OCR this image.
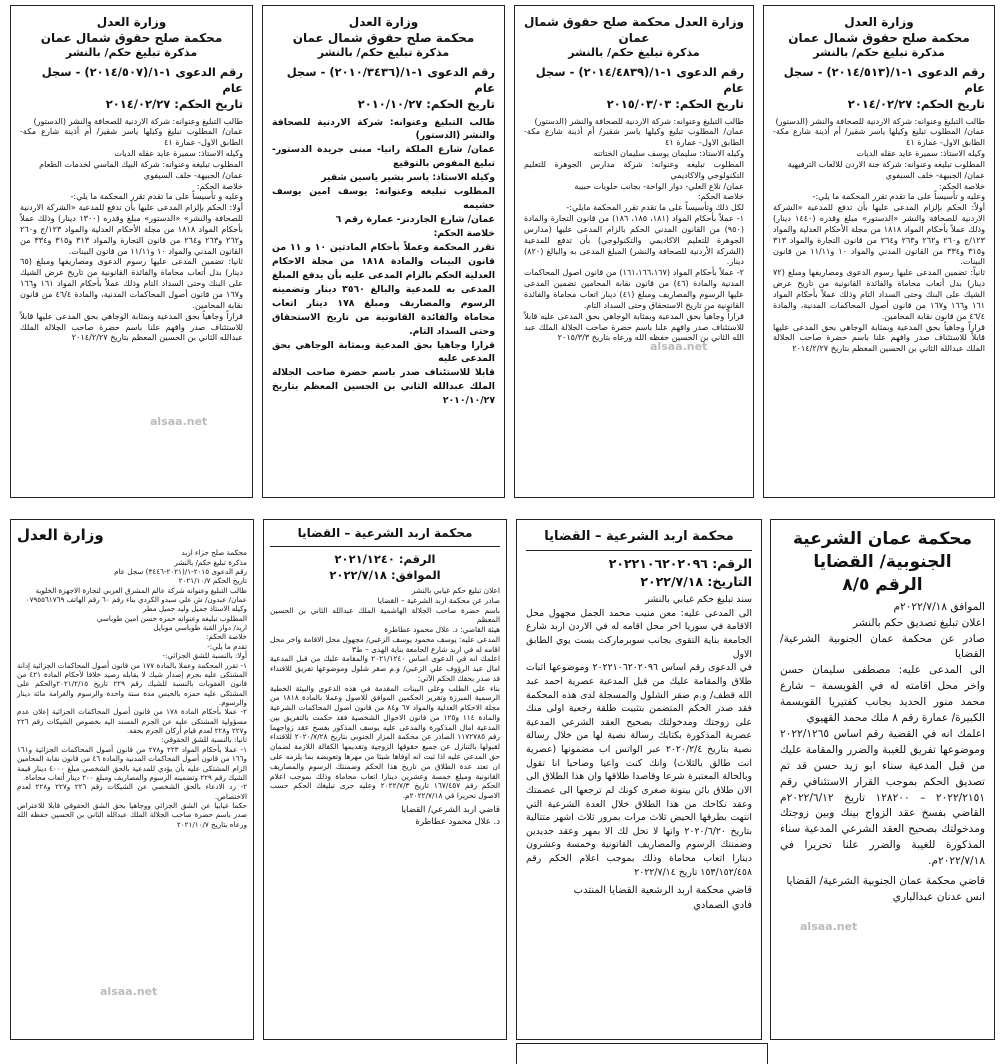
وزارة العدل
محكمة صلح حقوق شمال عمان
مذكرة تبليغ حكم/ بالنشر
رقم الدعوى ١-١/(٢٠١٤/٥١٣) - سجل عام
تاريخ الحكم: ٢٠١٤/٠٢/٢٧
طالب التبليغ وعنوانه: شركة الاردنية للصحافة والنشر (الدستور)
عمان/ المطلوب تبليغ وكيلها ياسر شقير/ أم أذينة شارع مكة- الطابق الاول- عمارة ٤١
وكيله الاستاذ: سميرة عايد عقله الديات
المطلوب تبليغه وعنوانه: شركة جنة الاردن للالعاب الترفيهية
عمان/ الجبيهة- خلف السيفوي
خلاصة الحكم:
وعليه و تأسيساً على ما تقدم تقرر المحكمة ما يلي:-
أولاً: الحكم بإلزام المدعى عليها بأن تدفع للمدعية «الشركة الاردنية للصحافة والنشر «الدستور» مبلغ وقدره (١٤٤٠ دينار) وذلك عملاً بأحكام المواد ١٨١٨ من مجلة الأحكام العدلية والمواد ١٢٣/ج و٢٦٠ و٢٦٢ و٢٦٣ و٢٦٤ من قانون التجارة والمواد ٣١٣ و٣١٥ و٣٣٤ من القانون المدني والمواد ١٠ و١١/١١ من قانون البينات.
ثانياً: تضمين المدعى عليها رسوم الدعوى ومصاريفها ومبلغ (٧٢ دينار) بدل أتعاب محاماة والفائدة القانونية من تاريخ عرض الشيك على البنك وحتى السداد التام وذلك عملاً بأحكام المواد ١٦١ و١٦٦ و١٦٧ من قانون أصول المحاكمات المدنية، والمادة ٤٦/٤ من قانون نقابة المحامين.
قراراً وجاهياً بحق المدعية وبمثابة الوجاهي بحق المدعى عليها قابلاً للاستئناف صدر وافهم علنا باسم حضرة صاحب الجلالة الملك عبدالله الثاني بن الحسين المعظم بتاريخ ٢٠١٤/٢/٢٧
وزارة العدل محكمة صلح حقوق شمال عمان
مذكرة تبليغ حكم/ بالنشر
رقم الدعوى ١-١/(٢٠١٤/٤٨٣٩) - سجل عام
تاريخ الحكم: ٢٠١٥/٠٣/٠٣
طالب التبليغ وعنوانه: شركة الاردنية للصحافة والنشر (الدستور)
عمان/ المطلوب تبليغ وكيلها ياسر شقير/ أم أذينة شارع مكة- الطابق الاول- عمارة ٤١
وكيله الاستاذ: سليمان يوسف سليمان الختاتنه
المطلوب تبليغه وعنوانه: شركة مدارس الجوهرة للتعليم التكنولوجي والاكاديمي
عمان/ تلاع العلي- دوار الواحة- بجانب حلويات حبيبة
خلاصة الحكم:
لكل ذلك وتأسيساً على ما تقدم تقرر المحكمة مايلي:-
١- عملاً بأحكام المواد (١٨١، ١٨٥، ١٨٦) من قانون التجارة والمادة (٩٥٠) من القانون المدني الحكم بالزام المدعى عليها (مدارس الجوهرة للتعليم الاكاديمي والتكنولوجي) بأن تدفع للمدعية (الشركة الأردنية للصحافة والنشر) المبلغ المدعى به والبالغ (٨٢٠) دينار.
٢- عملاً بأحكام المواد (١٦١،١٦٦،١٦٧) من قانون اصول المحاكمات المدنية والمادة (٤٦) من قانون نقابة المحامين تضمين المدعى عليها الرسوم والمصاريف ومبلغ (٤١) دينار اتعاب محاماة والفائدة القانونية من تاريخ الاستحقاق وحتى السداد التام.
قراراً وجاهياً بحق المدعية وبمثابة الوجاهي بحق المدعى عليه قابلاً للاستئناف صدر وافهم علنا باسم حضرة صاحب الجلالة الملك عبد الله الثاني بن الحسين حفظه الله ورعاه بتاريخ ٢٠١٥/٣/٣
وزارة العدل
محكمة صلح حقوق شمال عمان
مذكرة تبليغ حكم/ بالنشر
رقم الدعوى ١-١/(٢٠١٠/٣٤٣٦) - سجل عام
تاريخ الحكم: ٢٠١٠/١٠/٢٧
طالب التبليغ وعنوانه: شركة الاردنية للصحافة والنشر (الدستور)
عمان/ شارع الملكة رانيا- مبنى جريدة الدستور- تبليغ المفوض بالتوقيع
وكيله الاستاذ: ياسر بشير ياسين شقير
المطلوب تبليغه وعنوانه: يوسف امين يوسف حشيمه
عمان/ شارع الجاردنز- عمارة رقم ٦
خلاصة الحكم:
تقرر المحكمة وعملاً بأحكام المادتين ١٠ و ١١ من قانون البينات والمادة ١٨١٨ من مجلة الاحكام العدلية الحكم بالزام المدعى عليه بأن يدفع المبلغ المدعى به للمدعية والبالغ ٣٥٦٠ دينار وتضمينه الرسوم والمصاريف ومبلغ ١٧٨ دينار اتعاب محاماة والفائدة القانونية من تاريخ الاستحقاق وحتى السداد التام.
قرارا وجاهيا بحق المدعية وبمثابة الوجاهي بحق المدعى عليه
قابلا للاستئناف صدر باسم حضرة صاحب الجلالة الملك عبدالله الثاني بن الحسين المعظم بتاريخ ٢٠١٠/١٠/٢٧
وزارة العدل
محكمة صلح حقوق شمال عمان
مذكرة تبليغ حكم/ بالنشر
رقم الدعوى ١-١/(٢٠١٤/٥٠٧) - سجل عام
تاريخ الحكم: ٢٠١٤/٠٢/٢٧
طالب التبليغ وعنوانه: شركة الاردنية للصحافة والنشر (الدستور)
عمان/ المطلوب تبليغ وكيلها ياسر شقير/ أم أذينة شارع مكة- الطابق الاول- عمارة ٤١
وكيله الاستاذ: سميرة عايد عقله الديات
المطلوب تبليغه وعنوانه: شركة البيك الماسي لخدمات الطعام
عمان/ الجبيهة- خلف السيفوي
خلاصة الحكم:
وعليه و تأسيساً على ما تقدم تقرر المحكمة ما يلي:-
أولا: الحكم بإلزام المدعى عليها بأن تدفع للمدعية «الشركة الاردنية للصحافة والنشر» «الدستور» مبلغ وقدره (١٣٠٠ دينار) وذلك عملاً بأحكام المواد ١٨١٨ من مجلة الأحكام العدلية والمواد ١٢٣/ج و٢٦٠ و٢٦٢ و٢٦٣ و٢٦٤ من قانون التجارة والمواد ٣١٣ و٣١٥ و٣٣٤ من القانون المدني والمواد ١٠ و١١/١١ من قانون البينات.
ثانيا: تضمين المدعى عليها رسوم الدعوى ومصاريفها ومبلغ (٦٥ دينار) بدل أتعاب محاماة والفائدة القانونية من تاريخ عرض الشيك على البنك وحتى السداد التام وذلك عملاً بأحكام المواد ١٦١ و١٦٦ و١٦٧ من قانون أصول المحاكمات المدنية، والمادة ٤٦/٤ من قانون نقابة المحامين.
قراراً وجاهياً بحق المدعية وبمثابة الوجاهي بحق المدعى عليها قابلاً للاستئناف صدر وافهم علنا باسم حضرة صاحب الجلالة الملك عبدالله الثاني بن الحسين المعظم بتاريخ ٢٠١٤/٢/٢٧
محكمة عمان الشرعية
الجنوبية/ القضايا
الرقم ٨/٥
الموافق ٢٠٢٢/٧/١٨م
اعلان تبليغ تصديق حكم بالنشر
صادر عن محكمة عمان الجنوبية الشرعية/ القضايا
الى المدعى عليه: مصطفى سليمان حسن واخر محل اقامته له في القويسمة – شارع محمد منور الحديد بجانب كفتيريا القويسمة الكبيرة/ عمارة رقم ٨ ملك محمد القهيوي
اعلمك انه في القضية رقم اساس ٢٠٢٢/١٢٦٥ وموضوعها تفريق للغيبة والضرر والمقامة عليك من قبل المدعية سناء ابو زيد حسن قد تم تصديق الحكم بموجب القرار الاستئنافي رقم ٢٠٢٢/٢١٥١ – ١٢٨٢٠٠ تاريخ ٢٠٢٢/٦/١٢م القاضي بفسخ عقد الزواج بينك وبين زوجتك ومدخولتك بصحيح العقد الشرعي المدعية سناء المذكورة للغيبة والضرر علنا تحريرا في ٢٠٢٢/٧/١٨م.
قاضي محكمة عمان الجنوبية الشرعية/ القضايا
انس عدنان عبدالباري
محكمة اربد الشرعية – القضايا
الرقم: ٢٠٢٢١٠٦٢٠٢٠٩٦
التاريخ: ٢٠٢٢/٧/١٨
سند تبليغ حكم غيابي بالنشر
الى المدعى عليه: معن منيب محمد الجمل مجهول محل الاقامة في سوريا اخر محل اقامه له في الاردن اربد شارع الجامعة بناية التقوى بجانب سوبرماركت بست يوي الطابق الاول
في الدعوى رقم اساس ٢٠٢٢١٠٦٢٠٢٠٩٦ وموضوعها اثبات طلاق والمقامة عليك من قبل المدعية عصرية احمد عبد الله قطف/ و.م صقر الشلول والمسجلة لدى هذه المحكمة فقد صدر الحكم المتضمن بتثبيت طلقة رجعية اولى منك على زوجتك ومدخولتك بصحيح العقد الشرعي المدعية عصرية المذكورة بكتابك رسالة نصية لها من خلال رسالة نصية بتاريخ ٢٠٢٠/٢/٤ عبر الواتس اب مضمونها (عصرية انت طالق بالثلاث) وانك كنت واعيا وصاحيا انا تقول وبالحالة المعتبرة شرعا وقاصدا طلاقها وان هذا الطلاق الى الان طلاق بائن بينونة صغرى كونك لم ترجعها الى عصمتك وعقد نكاحك من هذا الطلاق خلال العدة الشرعية التي انتهت بطرقها الحيض ثلاث مرات بمرور ثلاث اشهر متتالية بتاريخ ٢٠٢٠/٦/٢٠ وانها لا تحل لك الا بمهر وعقد جديدين وضمنتك الرسوم والمصاريف القانونية وخمسة وعشرون دينارا اتعاب محاماة وذلك بموجب اعلام الحكم رقم ١٥٣/١٥٢/٤٥٨ تاريخ ٢٠٢٢/٧/١٤
قاضي محكمة اربد الرشعية القضايا المنتدب
فادي الصمادي
محكمة اربد الشرعية – القضايا
الرقم: ٢٠٢١/١٢٤٠
الموافق: ٢٠٢٢/٧/١٨
اعلان تبليغ حكم غيابي بالنشر
صادر عن محكمة اربد الشرعية – القضايا
باسم حضرة صاحب الجلالة الهاشمية الملك عبدالله الثاني بن الحسين المعظم
هيئة القاضي: د. علال محمود عطاطرة
المدعى عليه: يوسف محمود يوسف الزعبي/ مجهول محل الاقامة واخر محل اقامه له في اربد شارع الجامعة بناية الهدى – ط٣
اعلمك انه في الدعوى اساس ٢٠٢١/١٢٤٠ والمقامة عليك من قبل المدعية امال عبد الرؤوف علي الزعبي/ و.م صقر شلول وموضوعها تفريق للافتداء قد صدر بحقك الحكم الآتي:
بناء على الطلب وعلى البينات المقدمة في هذه الدعوى والبيئة الخطية الرسمية المبرزة وتقرير الحكمين الموافق للاصول وعملا بالمادة ١٨١٨ من مجلة الاحكام العدلية والمواد ٦٧ و٨٤ من قانون اصول المحاكمات الشرعية والمادة ١١٤ و١٢٥ من قانون الاحوال الشخصية فقد حكمت بالتفريق بين المدعية امال المذكورة والمدعى عليه يوسف المذكور بفسخ عقد زواجهما رقم ١١٧٢٧٨٥ الصادر عن محكمة المزار الجنوبي بتاريخ ٢٠٢٠/٧/٢٨ للافتداء لقبولها بالتنازل عن جميع حقوقها الزوجية وتقديمها الكفالة اللازمة لضمان حق المدعى عليه اذا ثبت انه اوفاها شيئا من مهرها وتعويضه بما يلزمه على ان تعتد عدة الطلاق من تاريخ هذا الحكم وضمنتك الرسوم والمصاريف القانونية ومبلغ خمسة وعشرين دينارا اتعاب محاماة وذلك بموجب اعلام الحكم رقم ١٦٧/٤٥٧ تاريخ ٢٠٢٢/٧/٣ وعليه جرى تبليغك الحكم حسب الاصول تحريرا في ٢٠٢٢/٧/١٨م.
قاضي اربد الشرعي/ القضايا
د. علال محمود عطاطرة
وزارة العدل
محكمة صلح جزاء اربد
مذكرة تبليغ حكم/ بالنشر
رقم الدعوى ٢٠١٥-١/(٢٠٢١-٣٤٤٦) سجل عام
تاريخ الحكم ٢٠٢١/١٠/٧
طالب التبليغ وعنوانه شركة عالم المشرق العربي لتجارة الاجهزة الخلوية
عمان/ عبدون/ ش علي سيدو الكردي بناء رقم ٦٠ رقم الهاتف ٠٧٩٥٥٦١٧٦٩
وكيله الاستاذ جميل وليد جميل مطر
المطلوب تبليغه وعنوانه حمزه حسن امين طوباسي
اربد/ دوار القبة طوباسي موبايل
خلاصة الحكم:
تقدم ما يلي:-
أولا: بالنسبة للشق الجزائي:-
١- تقرر المحكمة وعملا بالمادة ١٧٧ من قانون أصول المحاكمات الجزائية إدانة المشتكى عليه بجرم إصدار شيك لا يقابله رصيد خلافا لأحكام المادة ٤٢١ من قانون العقوبات بالنسبة للشيك رقم ٢٢٩ تاريخ ٢٠٢١/٢/١٥والحكم على المشتكى عليه حمزه بالحبس مدة سنة واحدة والرسوم والغرامة مائة دينار والرسوم.
٢- عملا بأحكام المادة ١٧٨ من قانون أصول المحاكمات الجزائية إعلان عدم مسؤولية المشتكى عليه عن الجرم المسند اليه بخصوص الشيكات رقم ٢٢٦ و٢٢٧ و٢٢٨ لعدم قيام أركان الجرم بحقه.
ثانيا: بالنسبة للشق الحقوقي:
١- عملا بأحكام المواد ٢٢٣ و٢٧٨ من قانون أصول المحاكمات الجزائية و١٦١ و١٦٦ من قانون أصول المحاكمات المدنية والمادة ٤٦ من قانون نقابة المحامين الزام المشتكى عليه بأن يؤدي للمدعية بالحق الشخصي مبلغ ٤٠٠٠ دينار قيمة الشيك رقم ٢٢٩ وتضمينه الرسوم والمصاريف ومبلغ ٢٠٠ دينار أتعاب محاماة.
٢- رد الادعاء بالحق الشخصي عن الشيكات رقم ٢٢٦ و٢٢٧ و٢٢٨ لعدم الاختصاص.
حكما غيابيا عن الشق الجزائي ووجاهيا بحق الشق الحقوقي قابلا للاعتراض صدر باسم حضرة صاحب الجلالة الملك عبدالله الثاني بن الحسين حفظه الله ورعاه بتاريخ ٢٠٢١/١٠/٧
alsaa.net
alsaa.net
alsaa.net
alsaa.net
